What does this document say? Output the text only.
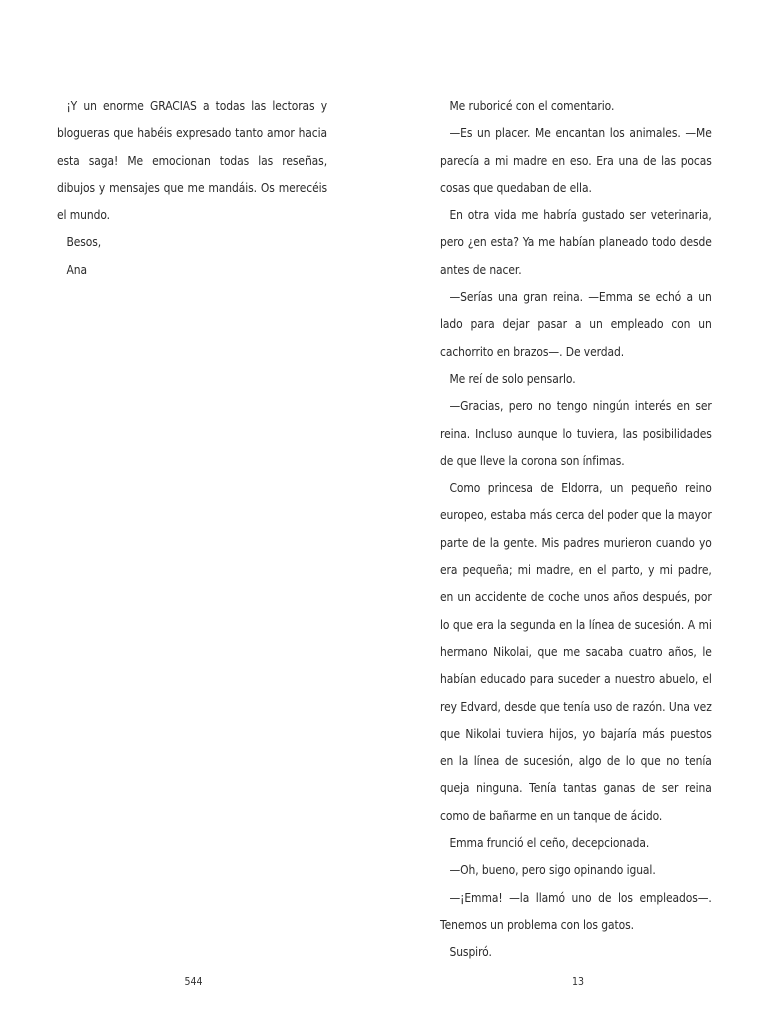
¡Y un enorme GRACIAS a todas las lectoras y blogueras que habéis expresado tanto amor hacia esta saga! Me emocionan todas las reseñas, dibujos y mensajes que me mandáis. Os merecéis el mundo.

Besos,

Ana

Me ruboricé con el comentario.

—Es un placer. Me encantan los animales. —Me parecía a mi madre en eso. Era una de las pocas cosas que quedaban de ella.

En otra vida me habría gustado ser veterinaria, pero ¿en esta? Ya me habían planeado todo desde antes de nacer.

—Serías una gran reina. —Emma se echó a un lado para dejar pasar a un empleado con un cachorrito en brazos—. De verdad.

Me reí de solo pensarlo.

—Gracias, pero no tengo ningún interés en ser reina. Incluso aunque lo tuviera, las posibilidades de que lleve la corona son ínfimas.

Como princesa de Eldorra, un pequeño reino europeo, estaba más cerca del poder que la mayor parte de la gente. Mis padres murieron cuando yo era pequeña; mi madre, en el parto, y mi padre, en un accidente de coche unos años después, por lo que era la segunda en la línea de sucesión. A mi hermano Nikolai, que me sacaba cuatro años, le habían educado para suceder a nuestro abuelo, el rey Edvard, desde que tenía uso de razón. Una vez que Nikolai tuviera hijos, yo bajaría más puestos en la línea de sucesión, algo de lo que no tenía queja ninguna. Tenía tantas ganas de ser reina como de bañarme en un tanque de ácido.

Emma frunció el ceño, decepcionada.

—Oh, bueno, pero sigo opinando igual.

—¡Emma! —la llamó uno de los empleados—. Tenemos un problema con los gatos.

Suspiró.

544	13
